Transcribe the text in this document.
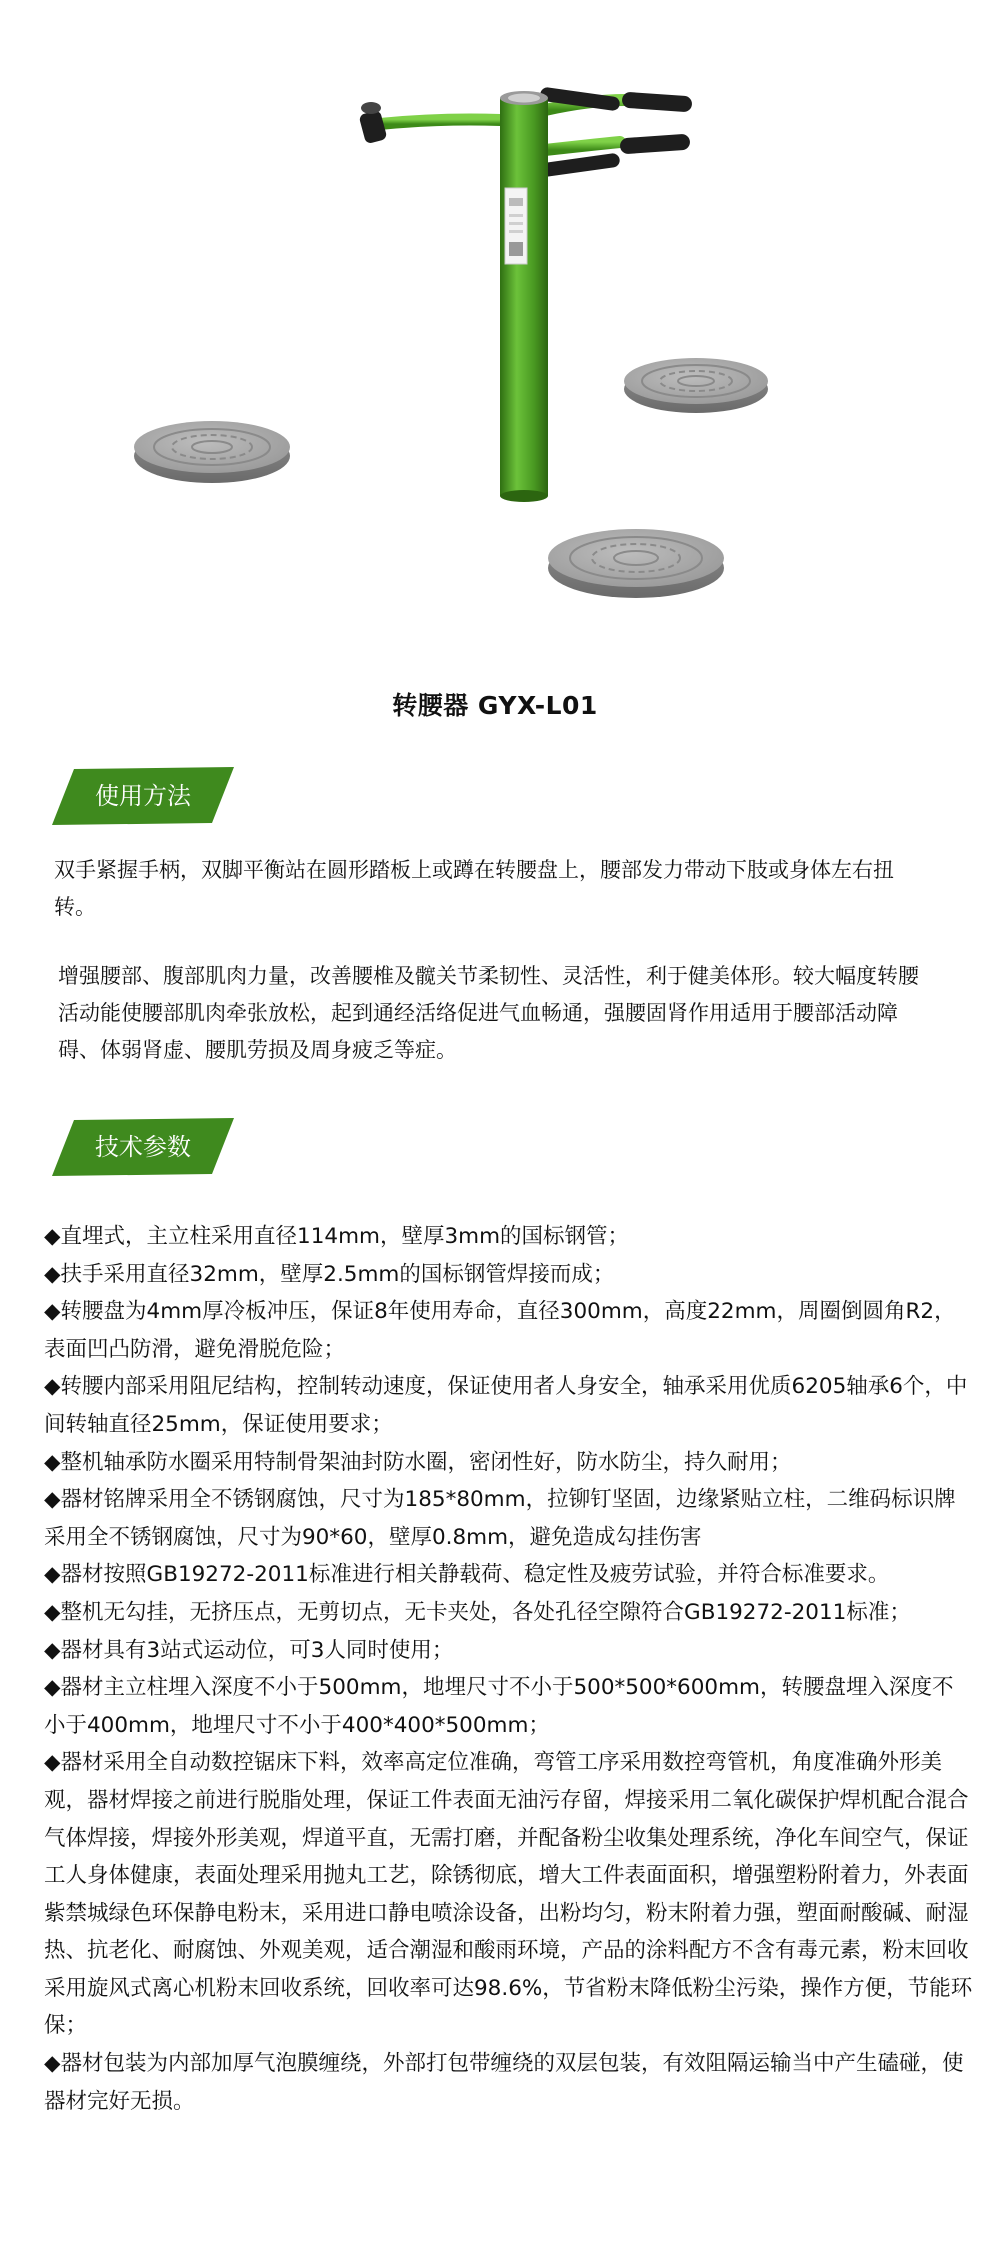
转腰器 GYX-L01
使用方法
双手紧握手柄，双脚平衡站在圆形踏板上或蹲在转腰盘上，腰部发力带动下肢或身体左右扭转。
增强腰部、腹部肌肉力量，改善腰椎及髋关节柔韧性、灵活性，利于健美体形。较大幅度转腰活动能使腰部肌肉牵张放松，起到通经活络促进气血畅通，强腰固肾作用适用于腰部活动障碍、体弱肾虚、腰肌劳损及周身疲乏等症。
技术参数
◆直埋式，主立柱采用直径114mm，壁厚3mm的国标钢管；
◆扶手采用直径32mm，壁厚2.5mm的国标钢管焊接而成；
◆转腰盘为4mm厚冷板冲压，保证8年使用寿命，直径300mm，高度22mm，周圈倒圆角R2，表面凹凸防滑，避免滑脱危险；
◆转腰内部采用阻尼结构，控制转动速度，保证使用者人身安全，轴承采用优质6205轴承6个，中间转轴直径25mm，保证使用要求；
◆整机轴承防水圈采用特制骨架油封防水圈，密闭性好，防水防尘，持久耐用；
◆器材铭牌采用全不锈钢腐蚀，尺寸为185*80mm，拉铆钉坚固，边缘紧贴立柱，二维码标识牌采用全不锈钢腐蚀，尺寸为90*60，壁厚0.8mm，避免造成勾挂伤害
◆器材按照GB19272-2011标准进行相关静载荷、稳定性及疲劳试验，并符合标准要求。
◆整机无勾挂，无挤压点，无剪切点，无卡夹处，各处孔径空隙符合GB19272-2011标准；
◆器材具有3站式运动位，可3人同时使用；
◆器材主立柱埋入深度不小于500mm，地埋尺寸不小于500*500*600mm，转腰盘埋入深度不小于400mm，地埋尺寸不小于400*400*500mm；
◆器材采用全自动数控锯床下料，效率高定位准确，弯管工序采用数控弯管机，角度准确外形美观，器材焊接之前进行脱脂处理，保证工件表面无油污存留，焊接采用二氧化碳保护焊机配合混合气体焊接，焊接外形美观，焊道平直，无需打磨，并配备粉尘收集处理系统，净化车间空气，保证工人身体健康，表面处理采用抛丸工艺，除锈彻底，增大工件表面面积，增强塑粉附着力，外表面紫禁城绿色环保静电粉末，采用进口静电喷涂设备，出粉均匀，粉末附着力强，塑面耐酸碱、耐湿热、抗老化、耐腐蚀、外观美观，适合潮湿和酸雨环境，产品的涂料配方不含有毒元素，粉末回收采用旋风式离心机粉末回收系统，回收率可达98.6%，节省粉末降低粉尘污染，操作方便，节能环保；
◆器材包装为内部加厚气泡膜缠绕，外部打包带缠绕的双层包装，有效阻隔运输当中产生磕碰，使器材完好无损。
